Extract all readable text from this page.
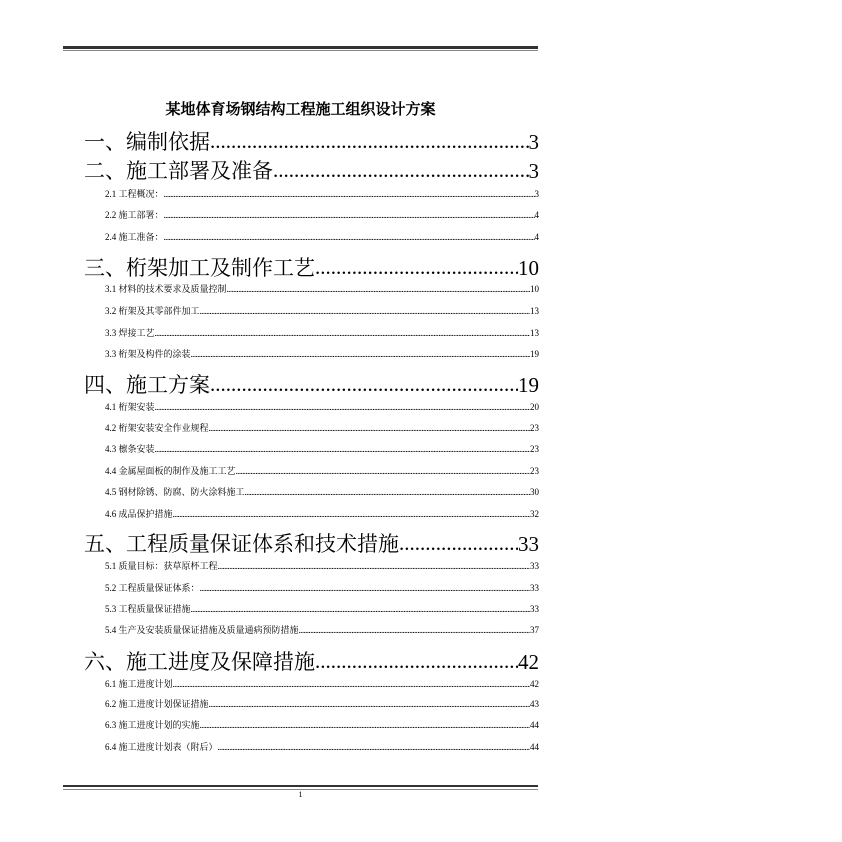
某地体育场钢结构工程施工组织设计方案
一、编制依据 .....	3
二、施工部署及准备 .....	3
2.1 工程概况： .....	3
2.2 施工部署： .....	4
2.4 施工准备： .....	4
三、桁架加工及制作工艺 .....	10
3.1 材料的技术要求及质量控制 .....	10
3.2 桁架及其零部件加工 .....	13
3.3 焊接工艺 .....	13
3.3 桁架及构件的涂装 .....	19
四、施工方案 .....	19
4.1 桁架安装 .....	20
4.2 桁架安装安全作业规程 .....	23
4.3 檩条安装 .....	23
4.4 金属屋面板的制作及施工工艺 .....	23
4.5 钢材除锈、防腐、防火涂料施工 .....	30
4.6 成品保护措施 .....	32
五、工程质量保证体系和技术措施 .....	33
5.1 质量目标：获草原杯工程 .....	33
5.2 工程质量保证体系： .....	33
5.3 工程质量保证措施 .....	33
5.4 生产及安装质量保证措施及质量通病预防措施 .....	37
六、施工进度及保障措施 .....	42
6.1 施工进度计划 .....	42
6.2 施工进度计划保证措施 .....	43
6.3 施工进度计划的实施 .....	44
6.4 施工进度计划表（附后） .....	44
1
